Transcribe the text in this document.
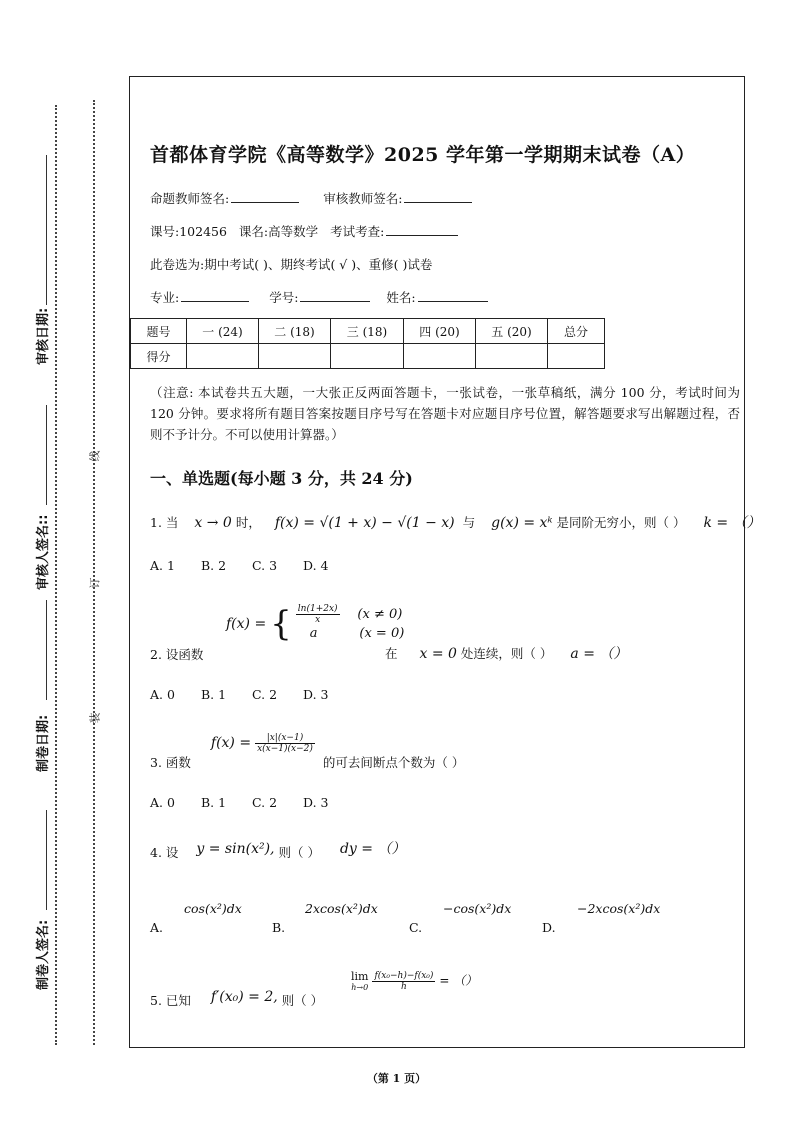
审核日期:
审核人签名::
制卷日期:
制卷人签名:
线
订
装
首都体育学院《高等数学》2025 学年第一学期期末试卷（A）
命题教师签名:	审核教师签名:
课号:102456 课名:高等数学 考试考查:
此卷选为:期中考试( )、期终考试( √ )、重修( )试卷
专业:	学号:	姓名:
题号	一 (24)	二 (18)	三 (18)	四 (20)	五 (20)	总分
得分						
（注意: 本试卷共五大题，一大张正反两面答题卡，一张试卷，一张草稿纸，满分 100 分，考试时间为 120 分钟。要求将所有题目答案按题目序号写在答题卡对应题目序号位置，解答题要求写出解题过程，否则不予计分。不可以使用计算器。）
一、单选题(每小题 3 分，共 24 分)
1. 当 x → 0 时， f(x) = √(1 + x) − √(1 − x) 与 g(x) = xᵏ 是同阶无穷小，则（ ） k = （）
A. 1 B. 2 C. 3 D. 4
f(x) = { $\frac{\ln(1+2x)}{x} (x \ne 0)$
a	(x = 0)
2. 设函数	在 x = 0 处连续，则（ ） a = （）
A. 0 B. 1 C. 2 D. 3
3. 函数 $f(x) = \frac{|x|(x-1)}{x(x-1)(x-2)}$
的可去间断点个数为（ ）
A. 0 B. 1 C. 2 D. 3
4. 设 y = sin(x²), 则（ ） dy = （）
cos(x²)dx
A.
2xcos(x²)dx
B.
−cos(x²)dx
C.
−2xcos(x²)dx
D.
lim
h→0
$\frac{\text{f(x₀−h)−f(x₀)}}{h}$ = （）
5. 已知 f′(x₀) = 2, 则（ ）
（第 1 页）
